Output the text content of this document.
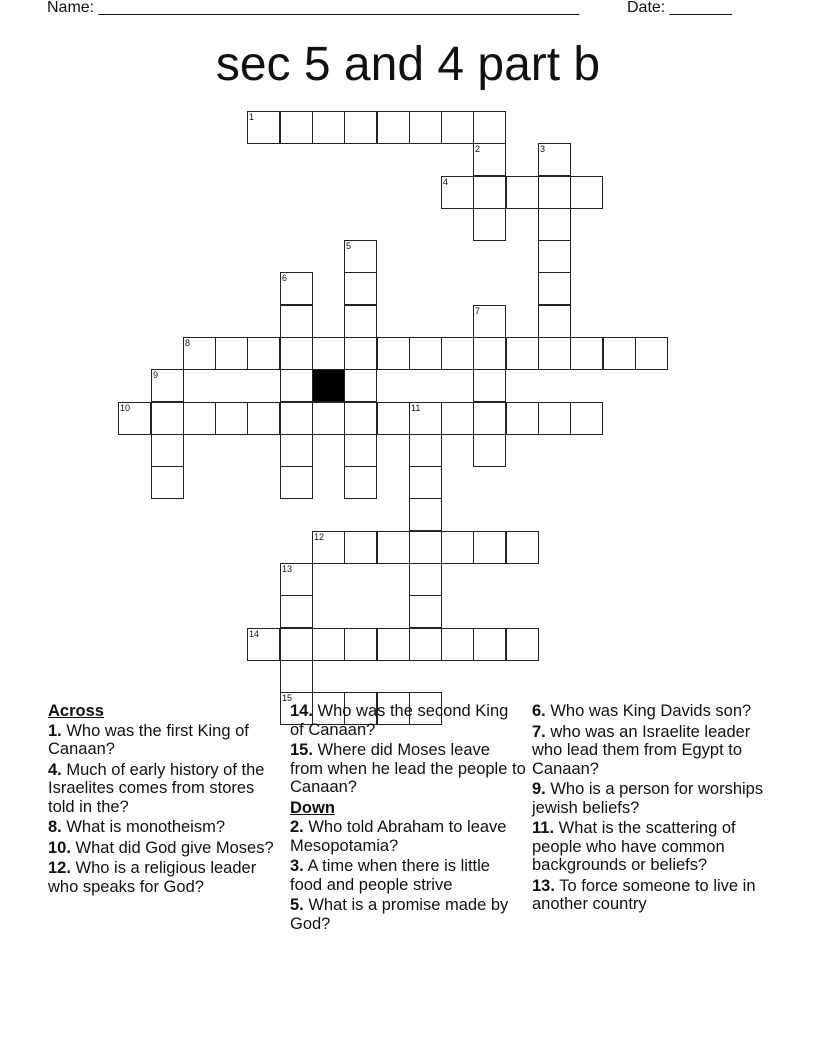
Name: ______________________________________________________	Date: _______
sec 5 and 4 part b
1
2	3
4
5
6
7
8
9
10	11
12
13
14
15
Across
1. Who was the first King of Canaan?
4. Much of early history of the Israelites comes from stores told in the?
8. What is monotheism?
10. What did God give Moses?
12. Who is a religious leader who speaks for God?
14. Who was the second King of Canaan?
15. Where did Moses leave from when he lead the people to Canaan?
Down
2. Who told Abraham to leave Mesopotamia?
3. A time when there is little food and people strive
5. What is a promise made by God?
6. Who was King Davids son?
7. who was an Israelite leader who lead them from Egypt to Canaan?
9. Who is a person for worships jewish beliefs?
11. What is the scattering of people who have common backgrounds or beliefs?
13. To force someone to live in another country
